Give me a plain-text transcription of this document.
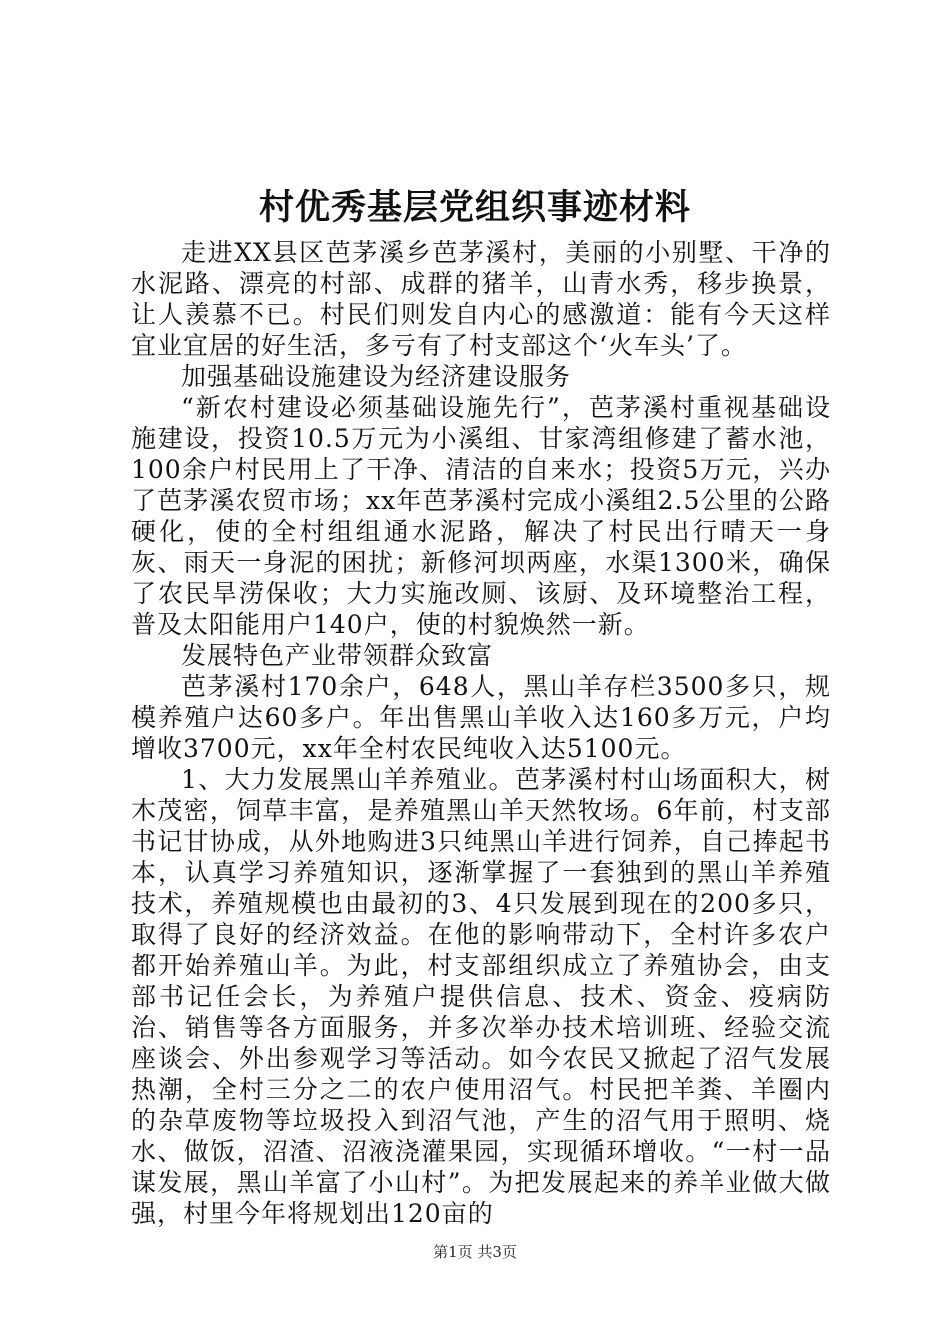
村优秀基层党组织事迹材料

走进XX县区芭茅溪乡芭茅溪村，美丽的小别墅、干净的水泥路、漂亮的村部、成群的猪羊，山青水秀，移步换景，让人羡慕不已。村民们则发自内心的感激道：能有今天这样宜业宜居的好生活，多亏有了村支部这个‘火车头’了。

加强基础设施建设为经济建设服务

“新农村建设必须基础设施先行”，芭茅溪村重视基础设施建设，投资10.5万元为小溪组、甘家湾组修建了蓄水池，100余户村民用上了干净、清洁的自来水；投资5万元，兴办了芭茅溪农贸市场；xx年芭茅溪村完成小溪组2.5公里的公路硬化，使的全村组组通水泥路，解决了村民出行晴天一身灰、雨天一身泥的困扰；新修河坝两座，水渠1300米，确保了农民旱涝保收；大力实施改厕、该厨、及环境整治工程，普及太阳能用户140户，使的村貌焕然一新。

发展特色产业带领群众致富

芭茅溪村170余户，648人，黑山羊存栏3500多只，规模养殖户达60多户。年出售黑山羊收入达160多万元，户均增收3700元，xx年全村农民纯收入达5100元。

1、大力发展黑山羊养殖业。芭茅溪村村山场面积大，树木茂密，饲草丰富，是养殖黑山羊天然牧场。6年前，村支部书记甘协成，从外地购进3只纯黑山羊进行饲养，自己捧起书本，认真学习养殖知识，逐渐掌握了一套独到的黑山羊养殖技术，养殖规模也由最初的3、4只发展到现在的200多只，取得了良好的经济效益。在他的影响带动下，全村许多农户都开始养殖山羊。为此，村支部组织成立了养殖协会，由支部书记任会长，为养殖户提供信息、技术、资金、疫病防治、销售等各方面服务，并多次举办技术培训班、经验交流座谈会、外出参观学习等活动。如今农民又掀起了沼气发展热潮，全村三分之二的农户使用沼气。村民把羊粪、羊圈内的杂草废物等垃圾投入到沼气池，产生的沼气用于照明、烧水、做饭，沼渣、沼液浇灌果园，实现循环增收。“一村一品谋发展，黑山羊富了小山村”。为把发展起来的养羊业做大做强，村里今年将规划出120亩的

第1页 共3页
